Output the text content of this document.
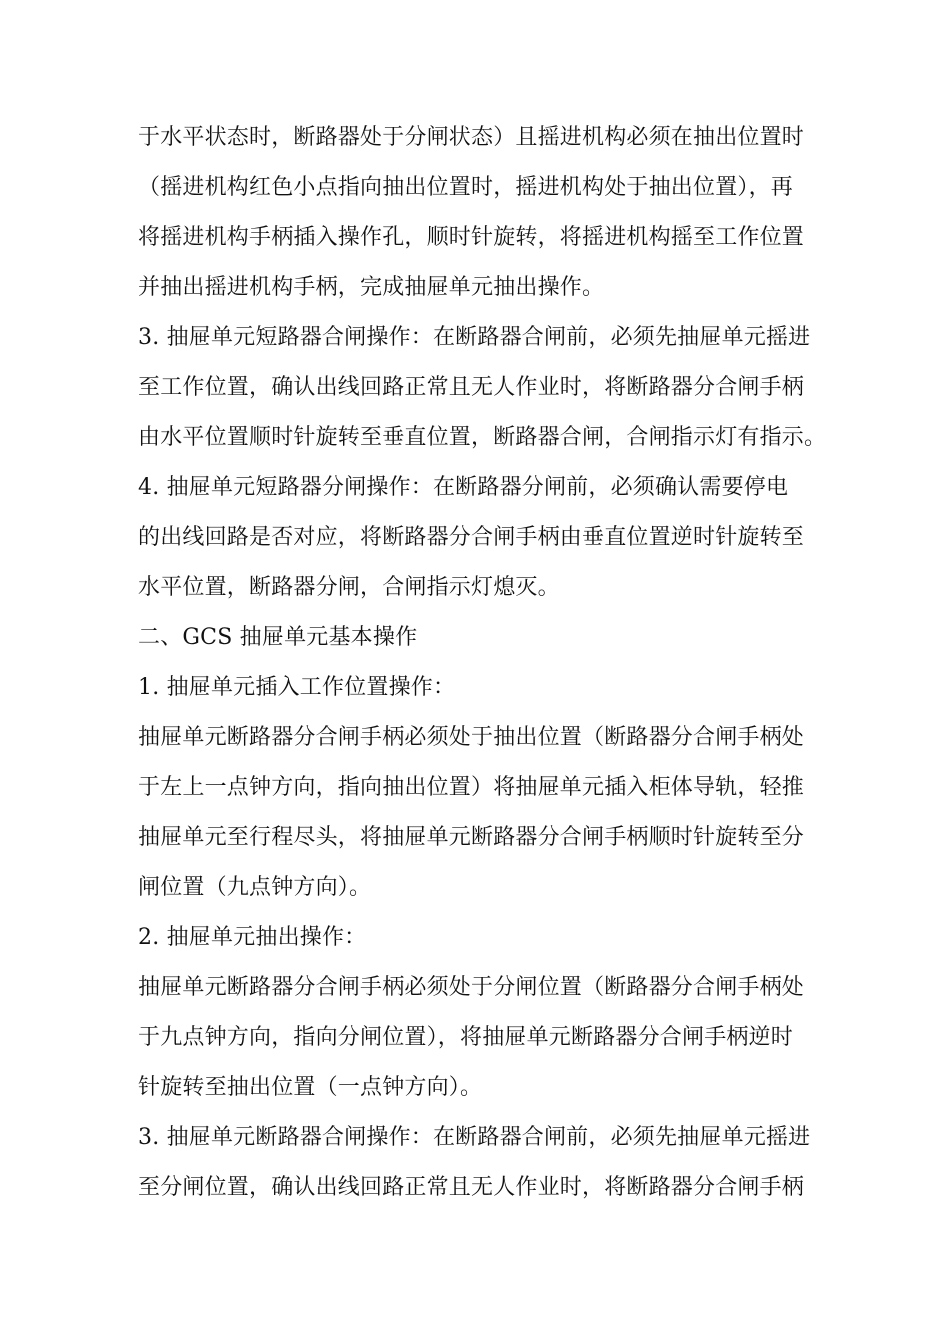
于水平状态时，断路器处于分闸状态）且摇进机构必须在抽出位置时
（摇进机构红色小点指向抽出位置时，摇进机构处于抽出位置），再
将摇进机构手柄插入操作孔，顺时针旋转，将摇进机构摇至工作位置
并抽出摇进机构手柄，完成抽屉单元抽出操作。
3. 抽屉单元短路器合闸操作：在断路器合闸前，必须先抽屉单元摇进
至工作位置，确认出线回路正常且无人作业时，将断路器分合闸手柄
由水平位置顺时针旋转至垂直位置，断路器合闸，合闸指示灯有指示。
4. 抽屉单元短路器分闸操作：在断路器分闸前，必须确认需要停电
的出线回路是否对应，将断路器分合闸手柄由垂直位置逆时针旋转至
水平位置，断路器分闸，合闸指示灯熄灭。
二、GCS 抽屉单元基本操作
1. 抽屉单元插入工作位置操作：
抽屉单元断路器分合闸手柄必须处于抽出位置（断路器分合闸手柄处
于左上一点钟方向，指向抽出位置）将抽屉单元插入柜体导轨，轻推
抽屉单元至行程尽头，将抽屉单元断路器分合闸手柄顺时针旋转至分
闸位置（九点钟方向）。
2. 抽屉单元抽出操作：
抽屉单元断路器分合闸手柄必须处于分闸位置（断路器分合闸手柄处
于九点钟方向，指向分闸位置），将抽屉单元断路器分合闸手柄逆时
针旋转至抽出位置（一点钟方向）。
3. 抽屉单元断路器合闸操作：在断路器合闸前，必须先抽屉单元摇进
至分闸位置，确认出线回路正常且无人作业时，将断路器分合闸手柄
